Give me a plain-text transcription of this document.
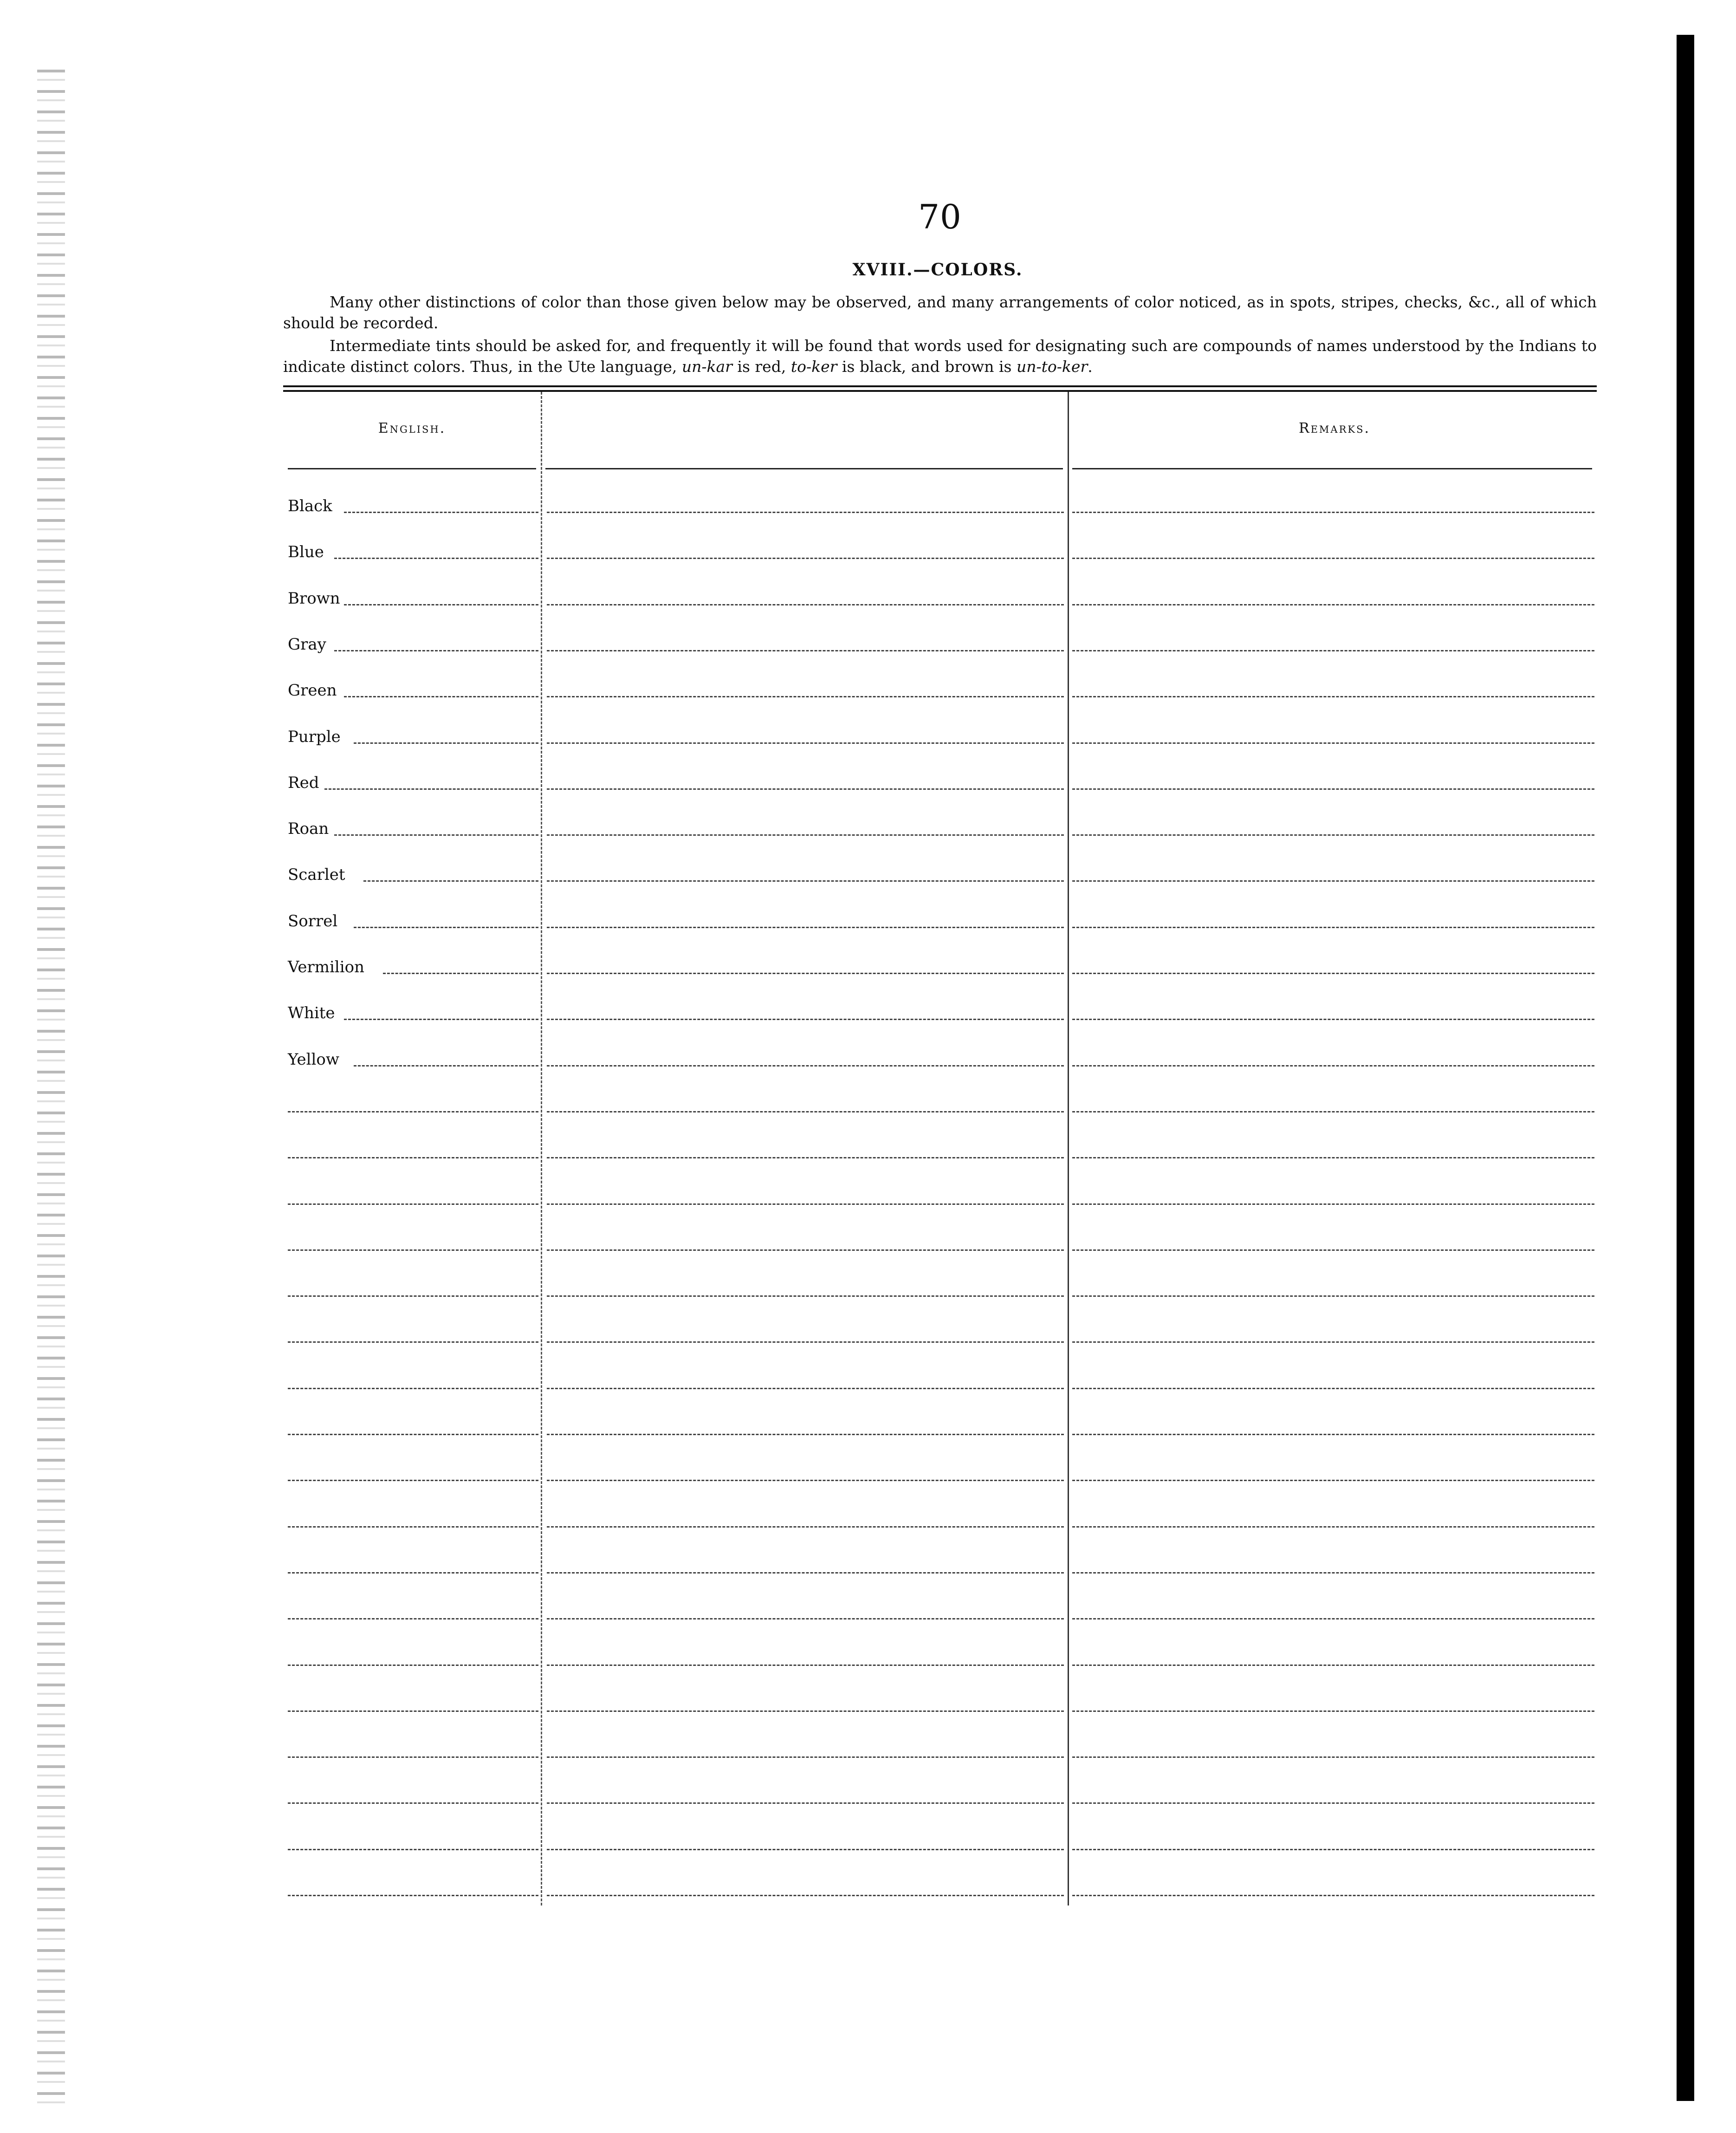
70
XVIII.—COLORS.

Many other distinctions of color than those given below may be observed, and many arrangements of color noticed, as in spots, stripes, checks, &c., all of which should be recorded.

Intermediate tints should be asked for, and frequently it will be found that words used for designating such are compounds of names understood by the Indians to indicate distinct colors. Thus, in the Ute language, un-kar is red, to-ker is black, and brown is un-to-ker.

English.	Remarks.
Black
Blue
Brown
Gray
Green
Purple
Red
Roan
Scarlet
Sorrel
Vermilion
White
Yellow
